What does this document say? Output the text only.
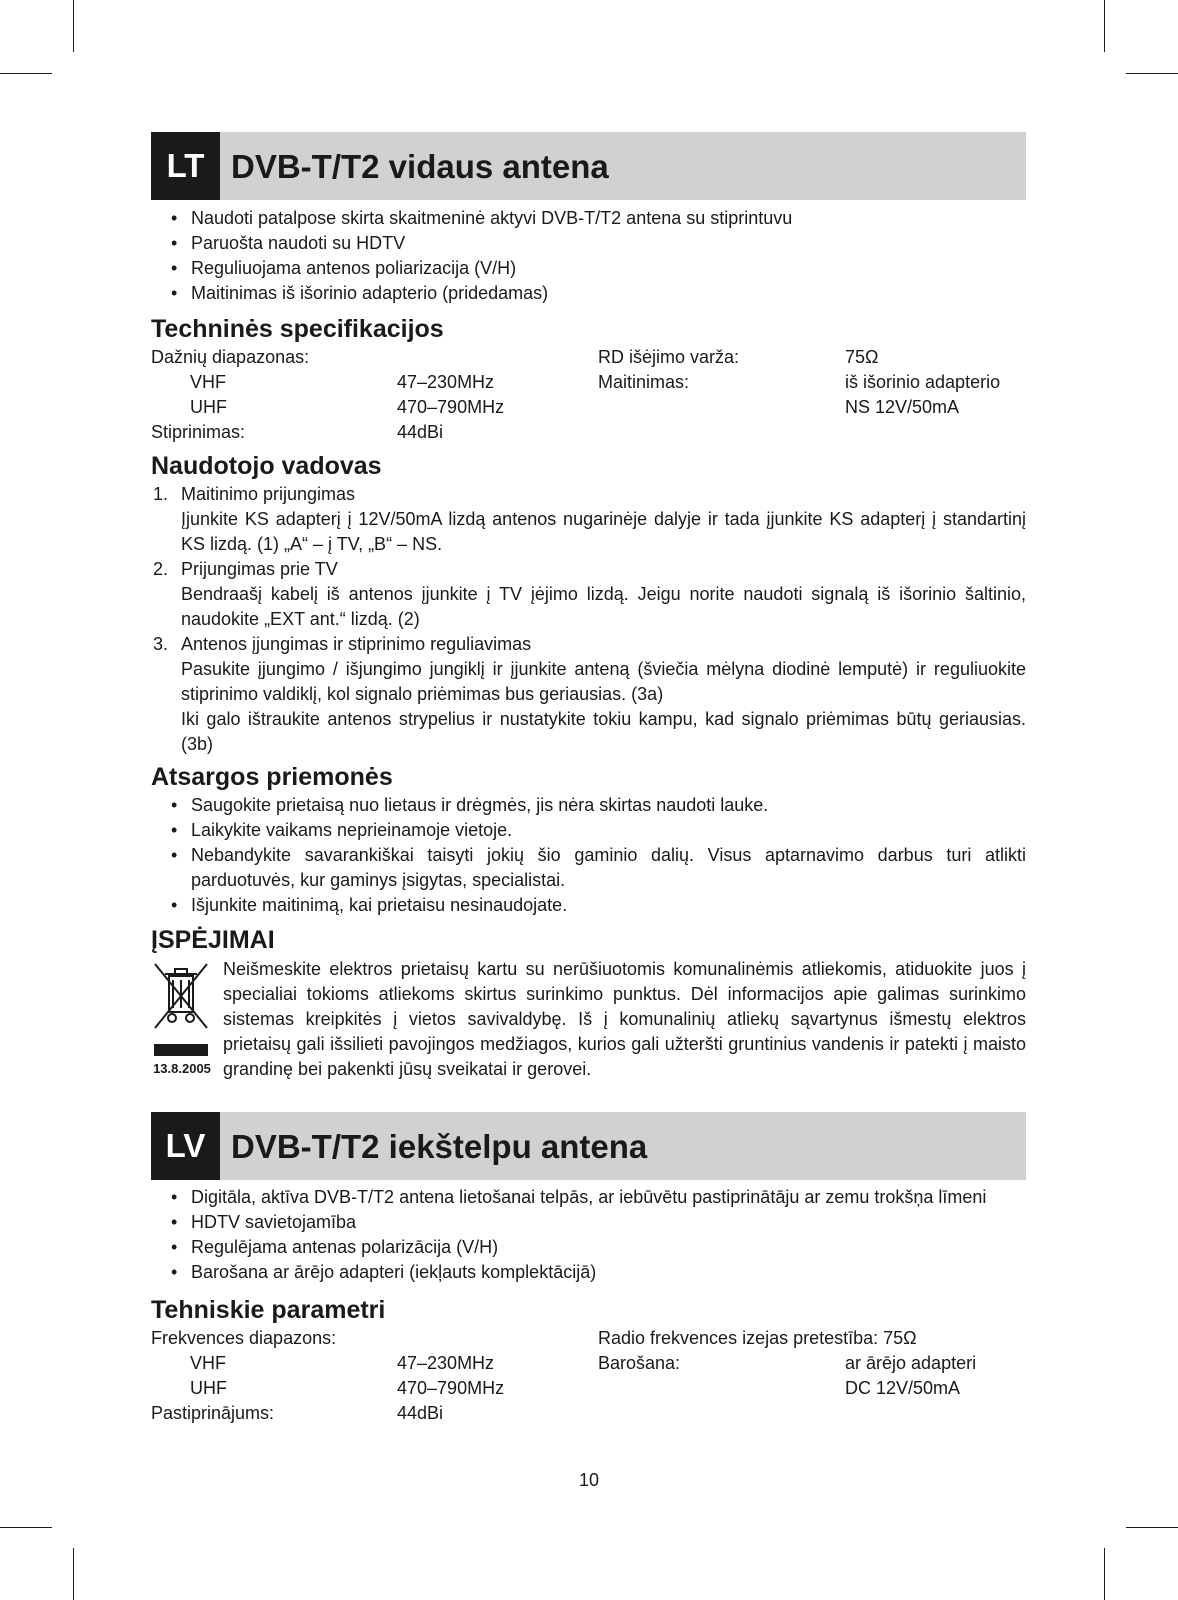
LT DVB-T/T2 vidaus antena
• Naudoti patalpose skirta skaitmeninė aktyvi DVB-T/T2 antena su stiprintuvu
• Paruošta naudoti su HDTV
• Reguliuojama antenos poliarizacija (V/H)
• Maitinimas iš išorinio adapterio (pridedamas)
Techninės specifikacijos
Dažnių diapazonas:
VHF	47–230MHz
UHF	470–790MHz
Stiprinimas:	44dBi
RD išėjimo varža:	75Ω
Maitinimas:	iš išorinio adapterio
NS 12V/50mA
Naudotojo vadovas
1. Maitinimo prijungimas
Įjunkite KS adapterį į 12V/50mA lizdą antenos nugarinėje dalyje ir tada įjunkite KS adapterį į standartinį KS lizdą. (1) „A“ – į TV, „B“ – NS.
2. Prijungimas prie TV
Bendraašį kabelį iš antenos įjunkite į TV įėjimo lizdą. Jeigu norite naudoti signalą iš išorinio šaltinio, naudokite „EXT ant.“ lizdą. (2)
3. Antenos įjungimas ir stiprinimo reguliavimas
Pasukite įjungimo / išjungimo jungiklį ir įjunkite anteną (šviečia mėlyna diodinė lemputė) ir reguliuokite stiprinimo valdiklį, kol signalo priėmimas bus geriausias. (3a)
Iki galo ištraukite antenos strypelius ir nustatykite tokiu kampu, kad signalo priėmimas būtų geriausias. (3b)
Atsargos priemonės
• Saugokite prietaisą nuo lietaus ir drėgmės, jis nėra skirtas naudoti lauke.
• Laikykite vaikams neprieinamoje vietoje.
• Nebandykite savarankiškai taisyti jokių šio gaminio dalių. Visus aptarnavimo darbus turi atlikti parduotuvės, kur gaminys įsigytas, specialistai.
• Išjunkite maitinimą, kai prietaisu nesinaudojate.
ĮSPĖJIMAI
13.8.2005
Neišmeskite elektros prietaisų kartu su nerūšiuotomis komunalinėmis atliekomis, atiduokite juos į specialiai tokioms atliekoms skirtus surinkimo punktus. Dėl informacijos apie galimas surinkimo sistemas kreipkitės į vietos savivaldybę. Iš į komunalinių atliekų sąvartynus išmestų elektros prietaisų gali išsilieti pavojingos medžiagos, kurios gali užteršti gruntinius vandenis ir patekti į maisto grandinę bei pakenkti jūsų sveikatai ir gerovei.
LV DVB-T/T2 iekštelpu antena
• Digitāla, aktīva DVB-T/T2 antena lietošanai telpās, ar iebūvētu pastiprinātāju ar zemu trokšņa līmeni
• HDTV savietojamība
• Regulējama antenas polarizācija (V/H)
• Barošana ar ārējo adapteri (iekļauts komplektācijā)
Tehniskie parametri
Frekvences diapazons:
VHF	47–230MHz
UHF	470–790MHz
Pastiprinājums:	44dBi
Radio frekvences izejas pretestība: 75Ω
Barošana:	ar ārējo adapteri
DC 12V/50mA
10
